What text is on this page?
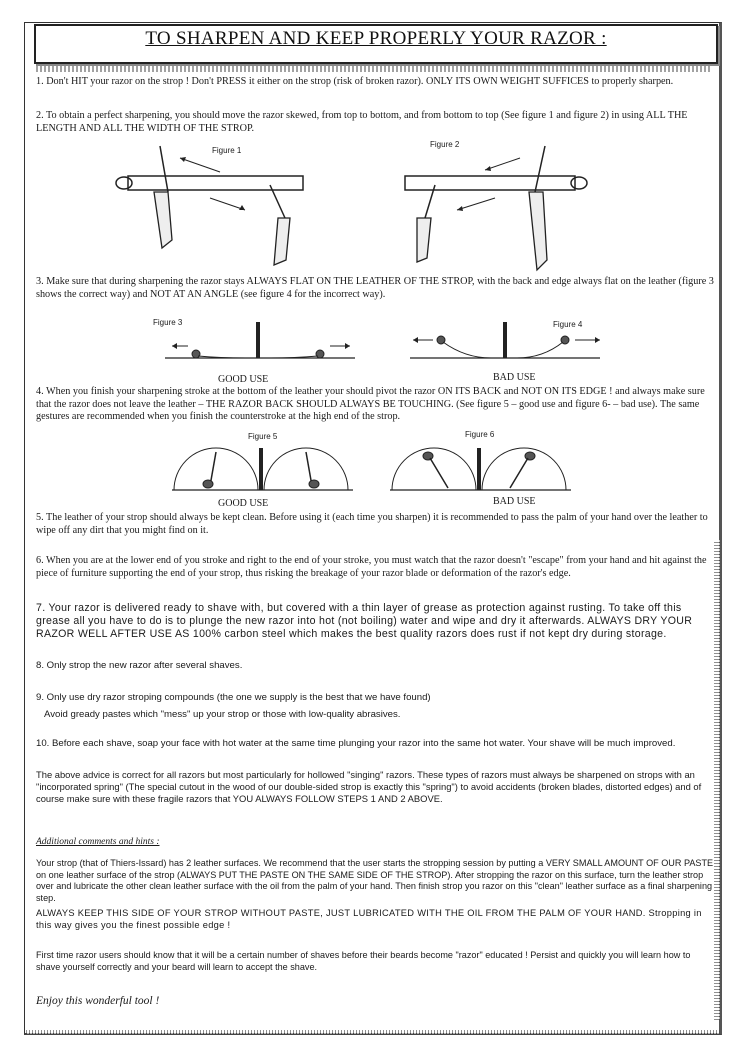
TO SHARPEN AND KEEP PROPERLY YOUR RAZOR :
1. Don't HIT your razor on the strop ! Don't PRESS it either on the strop (risk of broken razor). ONLY ITS OWN WEIGHT SUFFICES to properly sharpen.
2. To obtain a perfect sharpening, you should move the razor skewed, from top to bottom, and from bottom to top (See figure 1 and figure 2) in using ALL THE LENGTH AND ALL THE WIDTH OF THE STROP.
Figure 1
Figure 2
3. Make sure that during sharpening the razor stays ALWAYS FLAT ON THE LEATHER OF THE STROP, with the back and edge always flat on the leather (figure 3 shows the correct way) and NOT AT AN ANGLE (see figure 4 for the incorrect way).
Figure 3	Figure 4
GOOD USE	BAD USE
4. When you finish your sharpening stroke at the bottom of the leather your should pivot the razor ON ITS BACK and NOT ON ITS EDGE ! and always make sure that the razor does not leave the leather – THE RAZOR BACK SHOULD ALWAYS BE TOUCHING. (See figure 5 – good use and figure 6- – bad use). The same gestures are recommended when you finish the counterstroke at the high end of the strop.
Figure 5	Figure 6
GOOD USE	BAD USE
5. The leather of your strop should always be kept clean. Before using it (each time you sharpen) it is recommended to pass the palm of your hand over the leather to wipe off any dirt that you might find on it.
6. When you are at the lower end of you stroke and right to the end of your stroke, you must watch that the razor doesn't "escape" from your hand and hit against the piece of furniture supporting the end of your strop, thus risking the breakage of your razor blade or deformation of the razor's edge.
7. Your razor is delivered ready to shave with, but covered with a thin layer of grease as protection against rusting. To take off this grease all you have to do is to plunge the new razor into hot (not boiling) water and wipe and dry it afterwards. ALWAYS DRY YOUR RAZOR WELL AFTER USE AS 100% carbon steel which makes the best quality razors does rust if not kept dry during storage.
8. Only strop the new razor after several shaves.
9. Only use dry razor stroping compounds (the one we supply is the best that we have found)
Avoid gready pastes which "mess" up your strop or those with low-quality abrasives.
10. Before each shave, soap your face with hot water at the same time plunging your razor into the same hot water. Your shave will be much improved.
The above advice is correct for all razors but most particularly for hollowed "singing" razors. These types of razors must always be sharpened on strops with an "incorporated spring" (The special cutout in the wood of our double-sided strop is exactly this "spring") to avoid accidents (broken blades, distorted edges) and of course make sure with these fragile razors that YOU ALWAYS FOLLOW STEPS 1 AND 2 ABOVE.
Additional comments and hints :
Your strop (that of Thiers-Issard) has 2 leather surfaces. We recommend that the user starts the stropping session by putting a VERY SMALL AMOUNT OF OUR PASTE on one leather surface of the strop (ALWAYS PUT THE PASTE ON THE SAME SIDE OF THE STROP). After stropping the razor on this surface, turn the leather strop over and lubricate the other clean leather surface with the oil from the palm of your hand. Then finish strop you razor on this "clean" leather surface as a final sharpening step.
ALWAYS KEEP THIS SIDE OF YOUR STROP WITHOUT PASTE, JUST LUBRICATED WITH THE OIL FROM THE PALM OF YOUR HAND. Stropping in this way gives you the finest possible edge !
First time razor users should know that it will be a certain number of shaves before their beards become "razor" educated ! Persist and quickly you will learn how to shave yourself correctly and your beard will learn to accept the shave.
Enjoy this wonderful tool !
